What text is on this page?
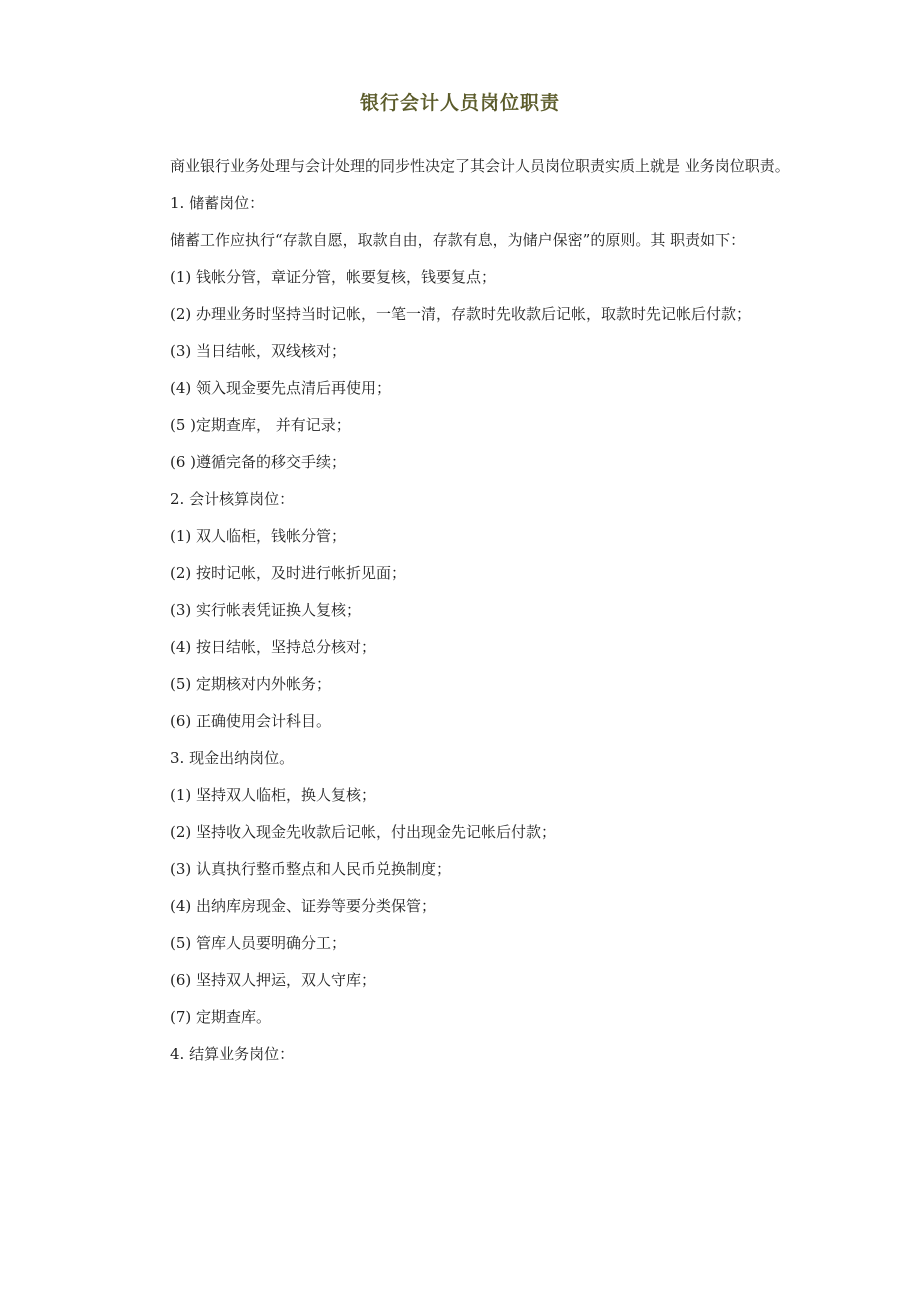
银行会计人员岗位职责

商业银行业务处理与会计处理的同步性决定了其会计人员岗位职责实质上就是 业务岗位职责。

1. 储蓄岗位：

储蓄工作应执行“存款自愿，取款自由，存款有息，为储户保密”的原则。其 职责如下：

(1) 钱帐分管，章证分管，帐要复核，钱要复点；

(2) 办理业务时坚持当时记帐，一笔一清，存款时先收款后记帐，取款时先记帐后付款；

(3) 当日结帐，双线核对；

(4) 领入现金要先点清后再使用；

(5 )定期查库， 并有记录；

(6 )遵循完备的移交手续；

2. 会计核算岗位：

(1) 双人临柜，钱帐分管；

(2) 按时记帐，及时进行帐折见面；

(3) 实行帐表凭证换人复核；

(4) 按日结帐，坚持总分核对；

(5) 定期核对内外帐务；

(6) 正确使用会计科目。

3. 现金出纳岗位。

(1) 坚持双人临柜，换人复核；

(2) 坚持收入现金先收款后记帐，付出现金先记帐后付款；

(3) 认真执行整币整点和人民币兑换制度；

(4) 出纳库房现金、证券等要分类保管；

(5) 管库人员要明确分工；

(6) 坚持双人押运，双人守库；

(7) 定期查库。

4. 结算业务岗位：
